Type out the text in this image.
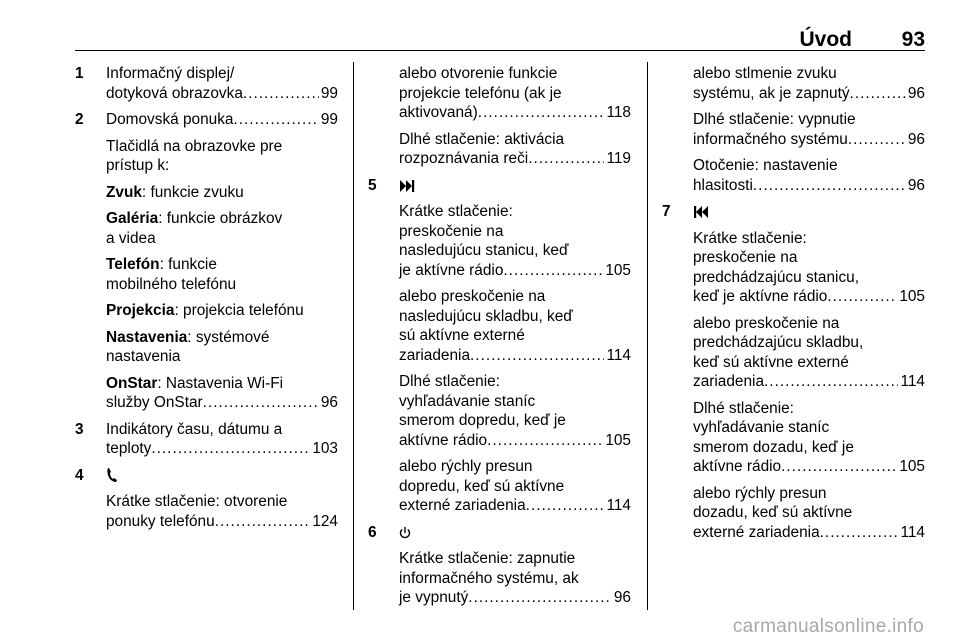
Úvod 93
1 Informačný displej/
dotyková obrazovka .....	99
2 Domovská ponuka .....	99
Tlačidlá na obrazovke pre
prístup k:
Zvuk: funkcie zvuku
Galéria: funkcie obrázkov
a videa
Telefón: funkcie
mobilného telefónu
Projekcia: projekcia telefónu
Nastavenia: systémové
nastavenia
OnStar: Nastavenia Wi-Fi
služby OnStar .....	96
3 Indikátory času, dátumu a
teploty .....	103
4
Krátke stlačenie: otvorenie
ponuky telefónu .....	124
alebo otvorenie funkcie
projekcie telefónu (ak je
aktivovaná) .....	118
Dlhé stlačenie: aktivácia
rozpoznávania reči .....	119
5
Krátke stlačenie:
preskočenie na
nasledujúcu stanicu, keď
je aktívne rádio .....	105
alebo preskočenie na
nasledujúcu skladbu, keď
sú aktívne externé
zariadenia .....	114
Dlhé stlačenie:
vyhľadávanie staníc
smerom dopredu, keď je
aktívne rádio .....	105
alebo rýchly presun
dopredu, keď sú aktívne
externé zariadenia .....	114
6
Krátke stlačenie: zapnutie
informačného systému, ak
je vypnutý .....	96
alebo stlmenie zvuku
systému, ak je zapnutý .....	96
Dlhé stlačenie: vypnutie
informačného systému .....	96
Otočenie: nastavenie
hlasitosti .....	96
7
Krátke stlačenie:
preskočenie na
predchádzajúcu stanicu,
keď je aktívne rádio .....	105
alebo preskočenie na
predchádzajúcu skladbu,
keď sú aktívne externé
zariadenia .....	114
Dlhé stlačenie:
vyhľadávanie staníc
smerom dozadu, keď je
aktívne rádio .....	105
alebo rýchly presun
dozadu, keď sú aktívne
externé zariadenia .....	114
carmanualsonline.info
